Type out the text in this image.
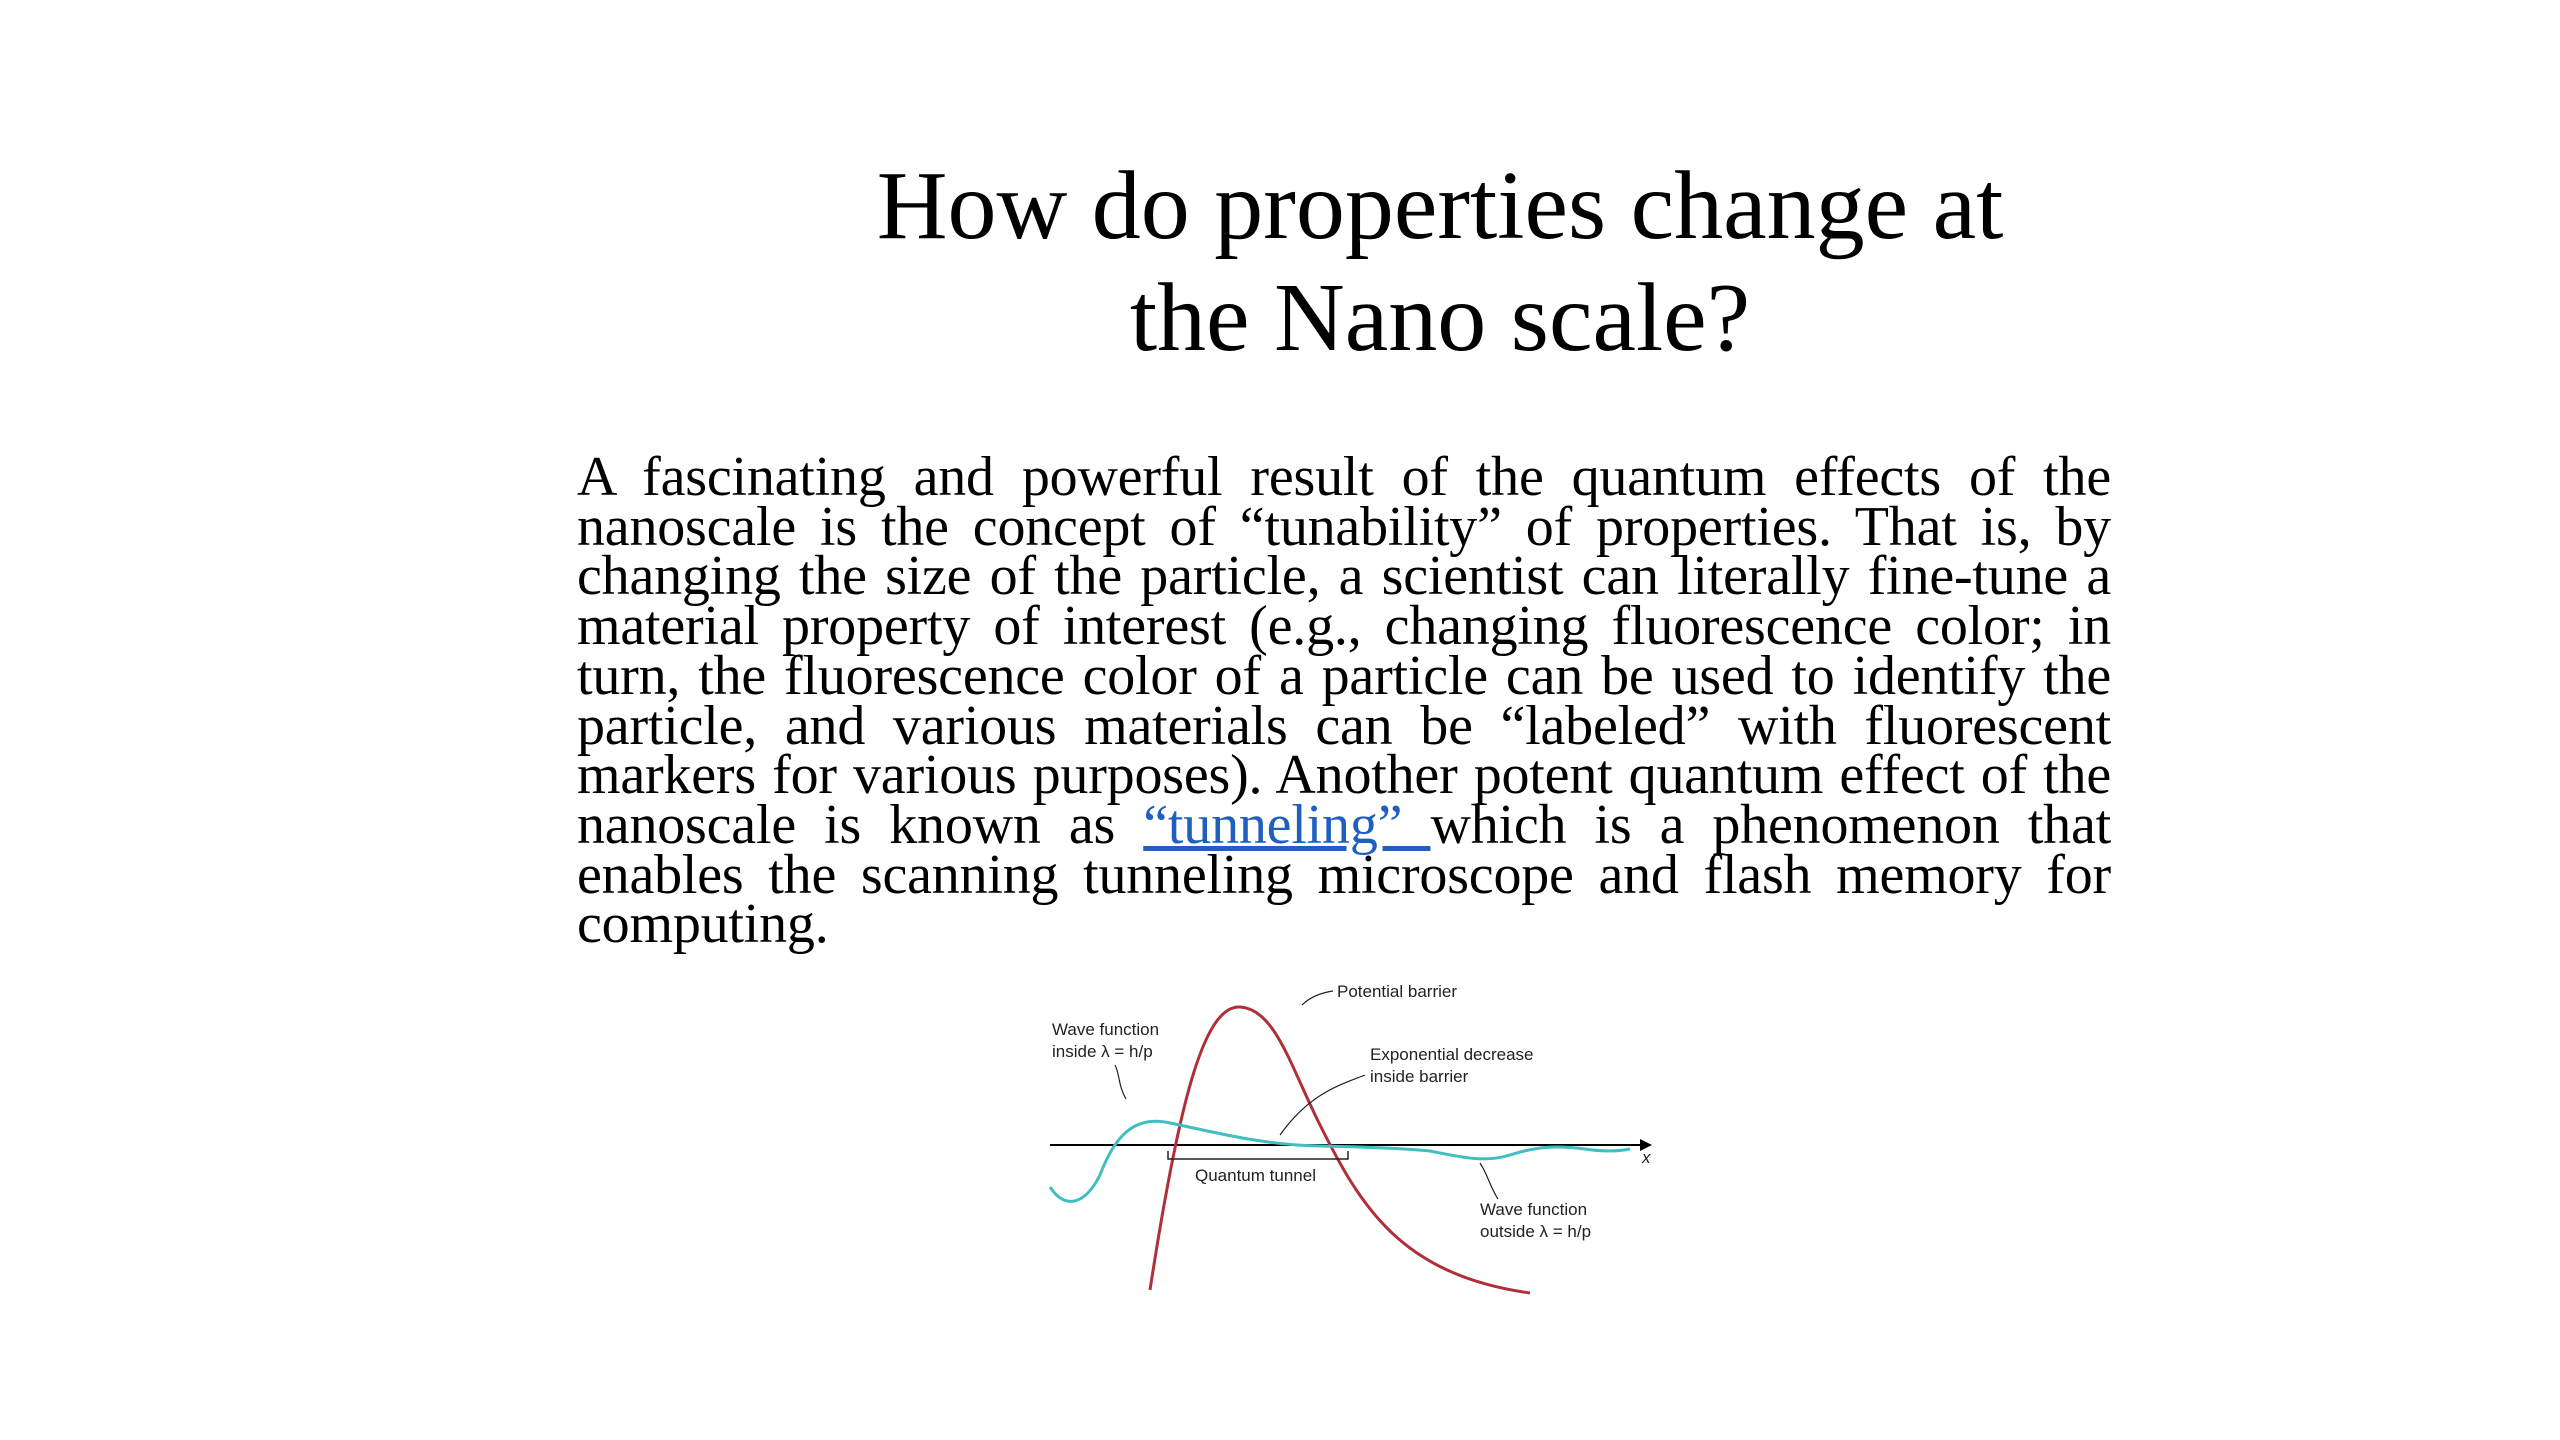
How do properties change at
the Nano scale?

A fascinating and powerful result of the quantum effects of the nanoscale is the concept of “tunability” of properties. That is, by changing the size of the particle, a scientist can literally fine-tune a material property of interest (e.g., changing fluorescence color; in turn, the fluorescence color of a particle can be used to identify the particle, and various materials can be “labeled” with fluorescent markers for various purposes). Another potent quantum effect of the nanoscale is known as “tunneling” which is a phenomenon that enables the scanning tunneling microscope and flash memory for computing.

x
Quantum tunnel
Potential barrier
Wave function
inside λ = h/p	Exponential decrease
inside barrier
Wave function
outside λ = h/p
